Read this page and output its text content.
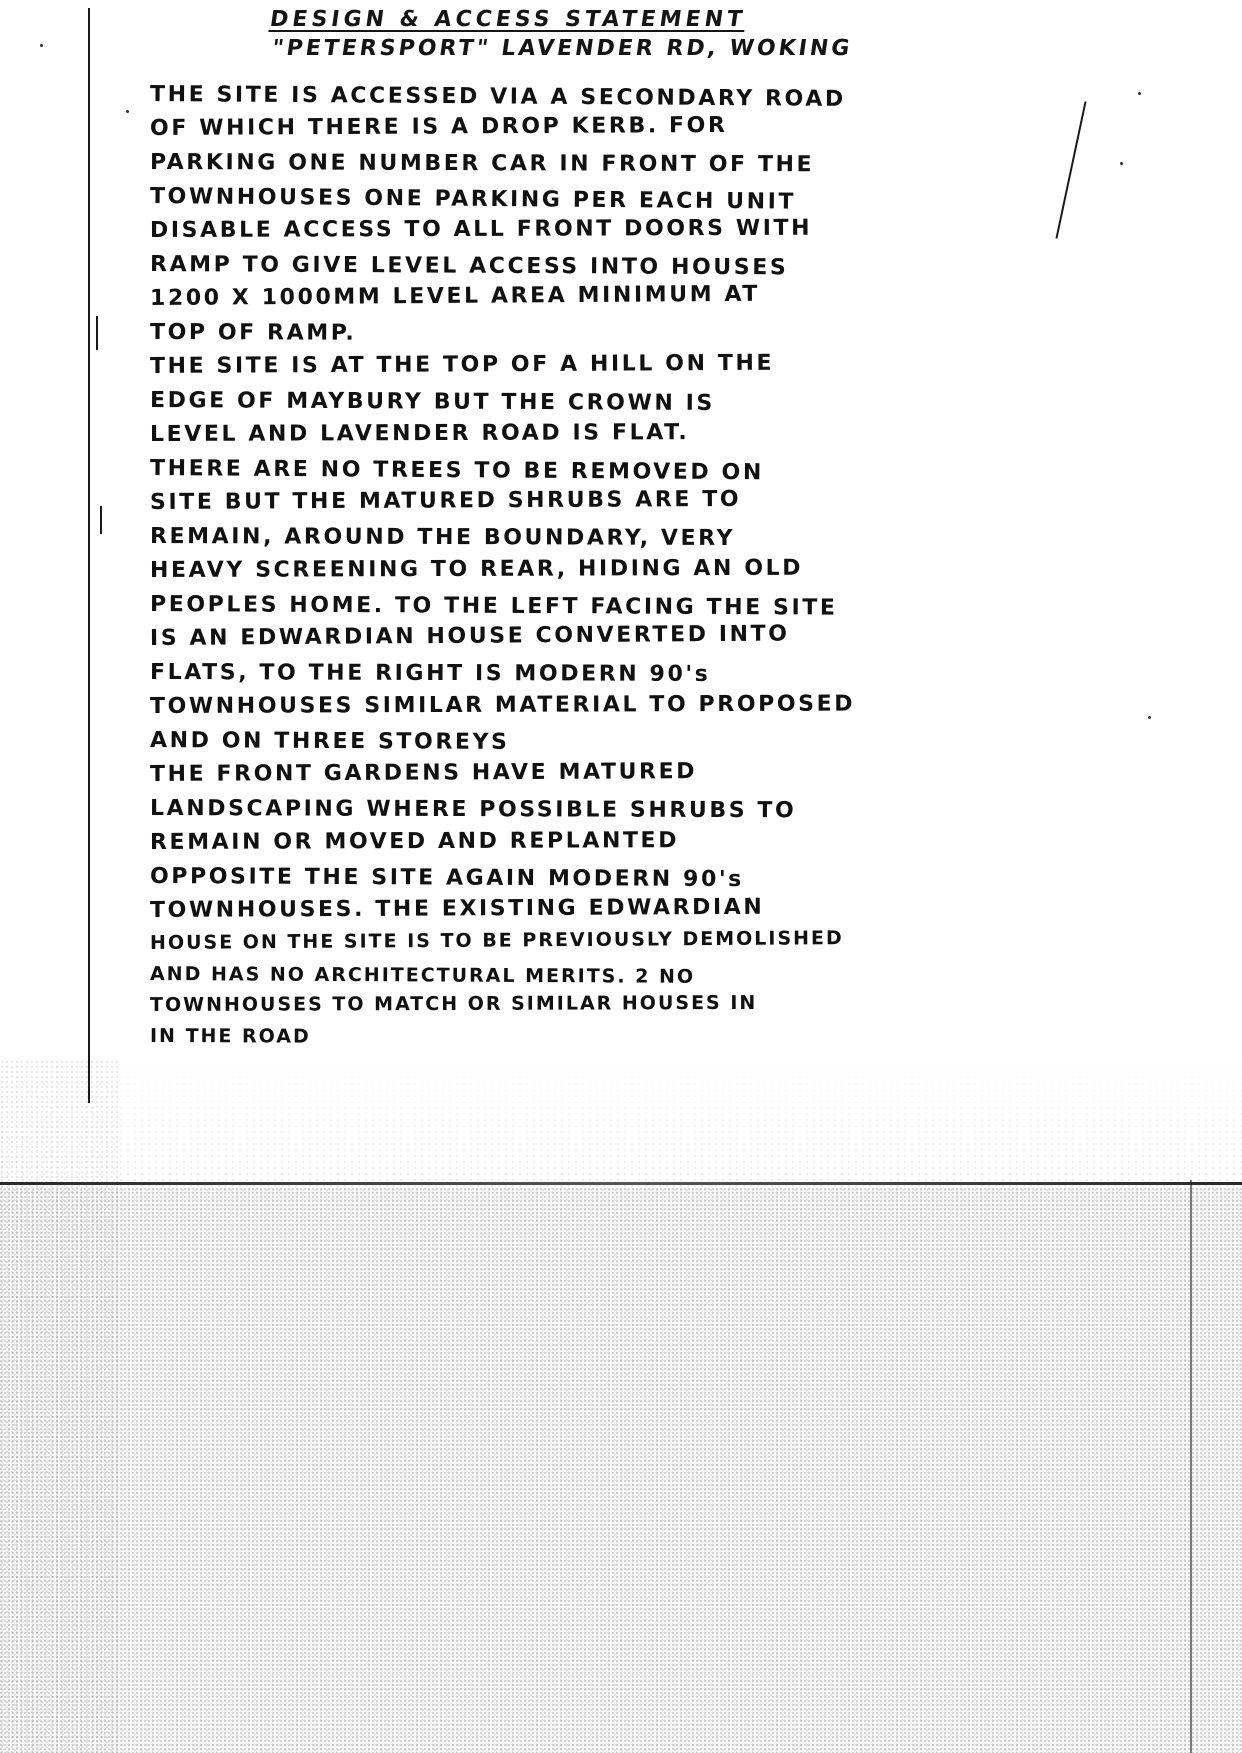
DESIGN & ACCESS STATEMENT
"PETERSPORT" LAVENDER RD, WOKING
THE SITE IS ACCESSED VIA A SECONDARY ROAD
OF WHICH THERE IS A DROP KERB. FOR
PARKING ONE NUMBER CAR IN FRONT OF THE
TOWNHOUSES ONE PARKING PER EACH UNIT
DISABLE ACCESS TO ALL FRONT DOORS WITH
RAMP TO GIVE LEVEL ACCESS INTO HOUSES
1200 X 1000MM LEVEL AREA MINIMUM AT
TOP OF RAMP.
THE SITE IS AT THE TOP OF A HILL ON THE
EDGE OF MAYBURY BUT THE CROWN IS
LEVEL AND LAVENDER ROAD IS FLAT.
THERE ARE NO TREES TO BE REMOVED ON
SITE BUT THE MATURED SHRUBS ARE TO
REMAIN, AROUND THE BOUNDARY, VERY
HEAVY SCREENING TO REAR, HIDING AN OLD
PEOPLES HOME. TO THE LEFT FACING THE SITE
IS AN EDWARDIAN HOUSE CONVERTED INTO
FLATS, TO THE RIGHT IS MODERN 90's
TOWNHOUSES SIMILAR MATERIAL TO PROPOSED
AND ON THREE STOREYS
THE FRONT GARDENS HAVE MATURED
LANDSCAPING WHERE POSSIBLE SHRUBS TO
REMAIN OR MOVED AND REPLANTED
OPPOSITE THE SITE AGAIN MODERN 90's
TOWNHOUSES. THE EXISTING EDWARDIAN
HOUSE ON THE SITE IS TO BE PREVIOUSLY DEMOLISHED
AND HAS NO ARCHITECTURAL MERITS. 2 NO
TOWNHOUSES TO MATCH OR SIMILAR HOUSES IN
IN THE ROAD
